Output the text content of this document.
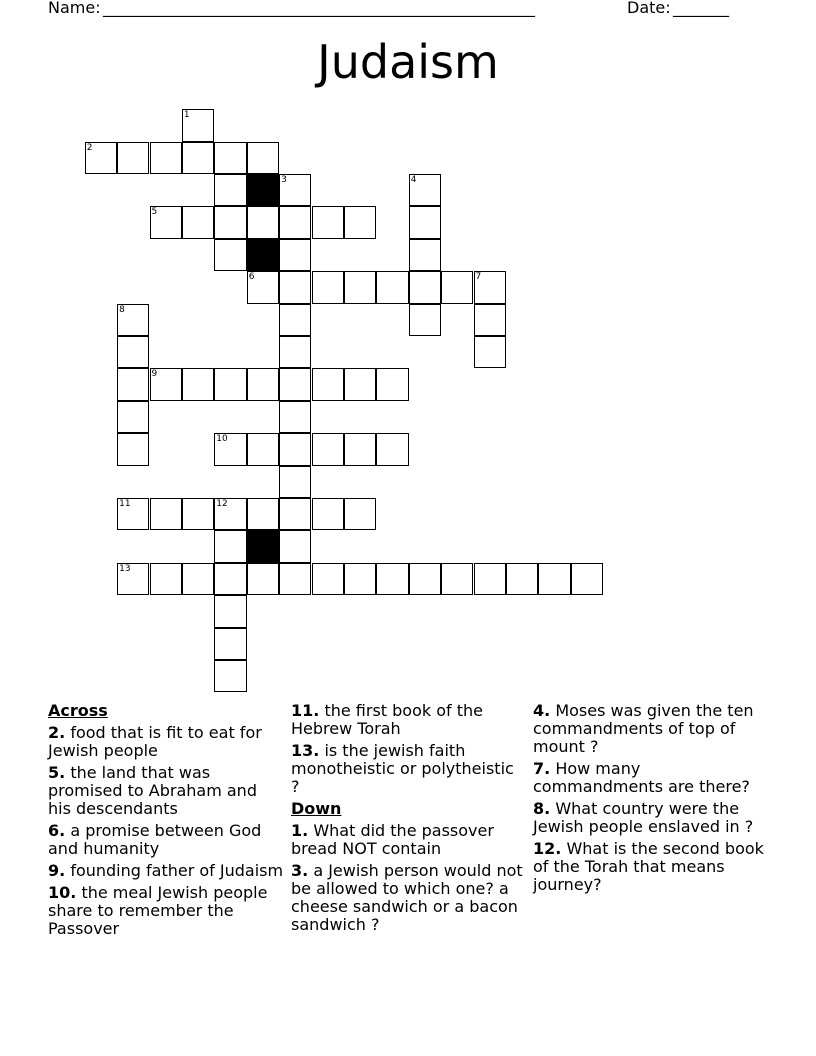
Name: ______________________________________________________	Date: _______
Judaism
1
2
3	4
5
6	7
8
9
10
11	12
13
Across
2. food that is fit to eat for Jewish people
5. the land that was promised to Abraham and his descendants
6. a promise between God and humanity
9. founding father of Judaism
10. the meal Jewish people share to remember the Passover
11. the first book of the Hebrew Torah
13. is the jewish faith monotheistic or polytheistic ?
Down
1. What did the passover bread NOT contain
3. a Jewish person would not be allowed to which one? a cheese sandwich or a bacon sandwich ?
4. Moses was given the ten commandments of top of mount ?
7. How many commandments are there?
8. What country were the Jewish people enslaved in ?
12. What is the second book of the Torah that means journey?
